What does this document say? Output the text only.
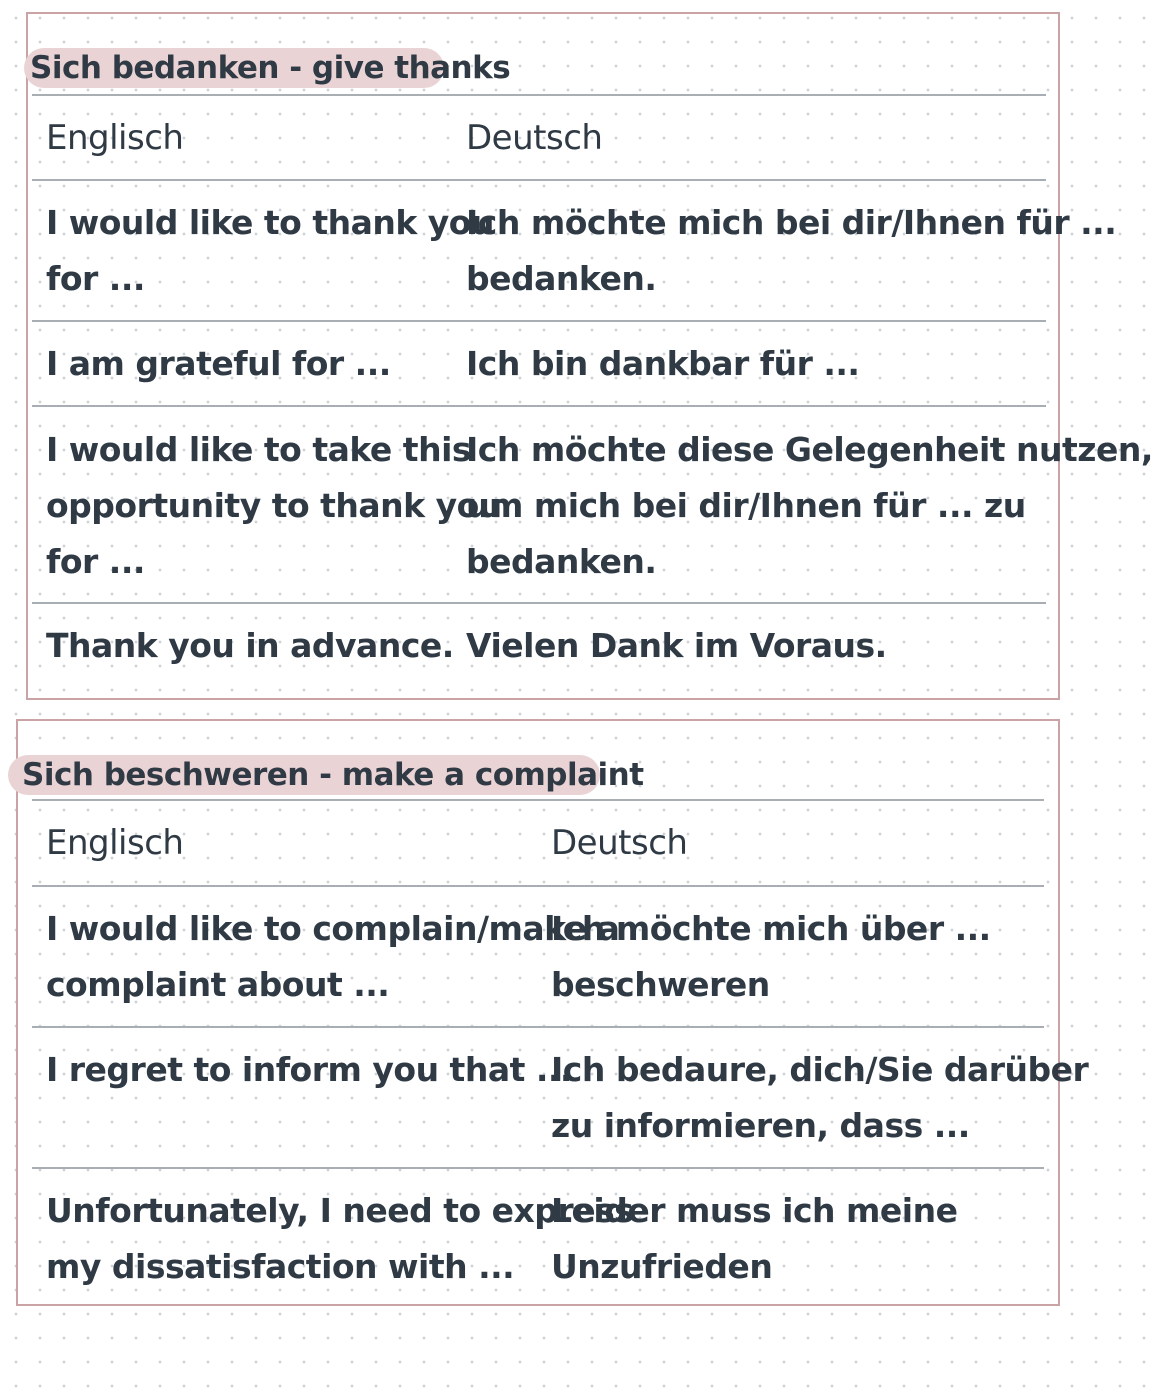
Sich bedanken - give thanks
Englisch	Deutsch
I would like to thank you
for ...
Ich möchte mich bei dir/Ihnen für ...
bedanken.
I am grateful for ... Ich bin dankbar für ...
I would like to take this
opportunity to thank you
for ...
Ich möchte diese Gelegenheit nutzen,
um mich bei dir/Ihnen für ... zu
bedanken.
Thank you in advance. Vielen Dank im Voraus.
Sich beschweren - make a complaint
Englisch	Deutsch
I would like to complain/make a
complaint about ...
Ich möchte mich über ...
beschweren
I regret to inform you that ...
Ich bedaure, dich/Sie darüber
zu informieren, dass ...
Unfortunately, I need to express
my dissatisfaction with ...
Leider muss ich meine
Unzufrieden
